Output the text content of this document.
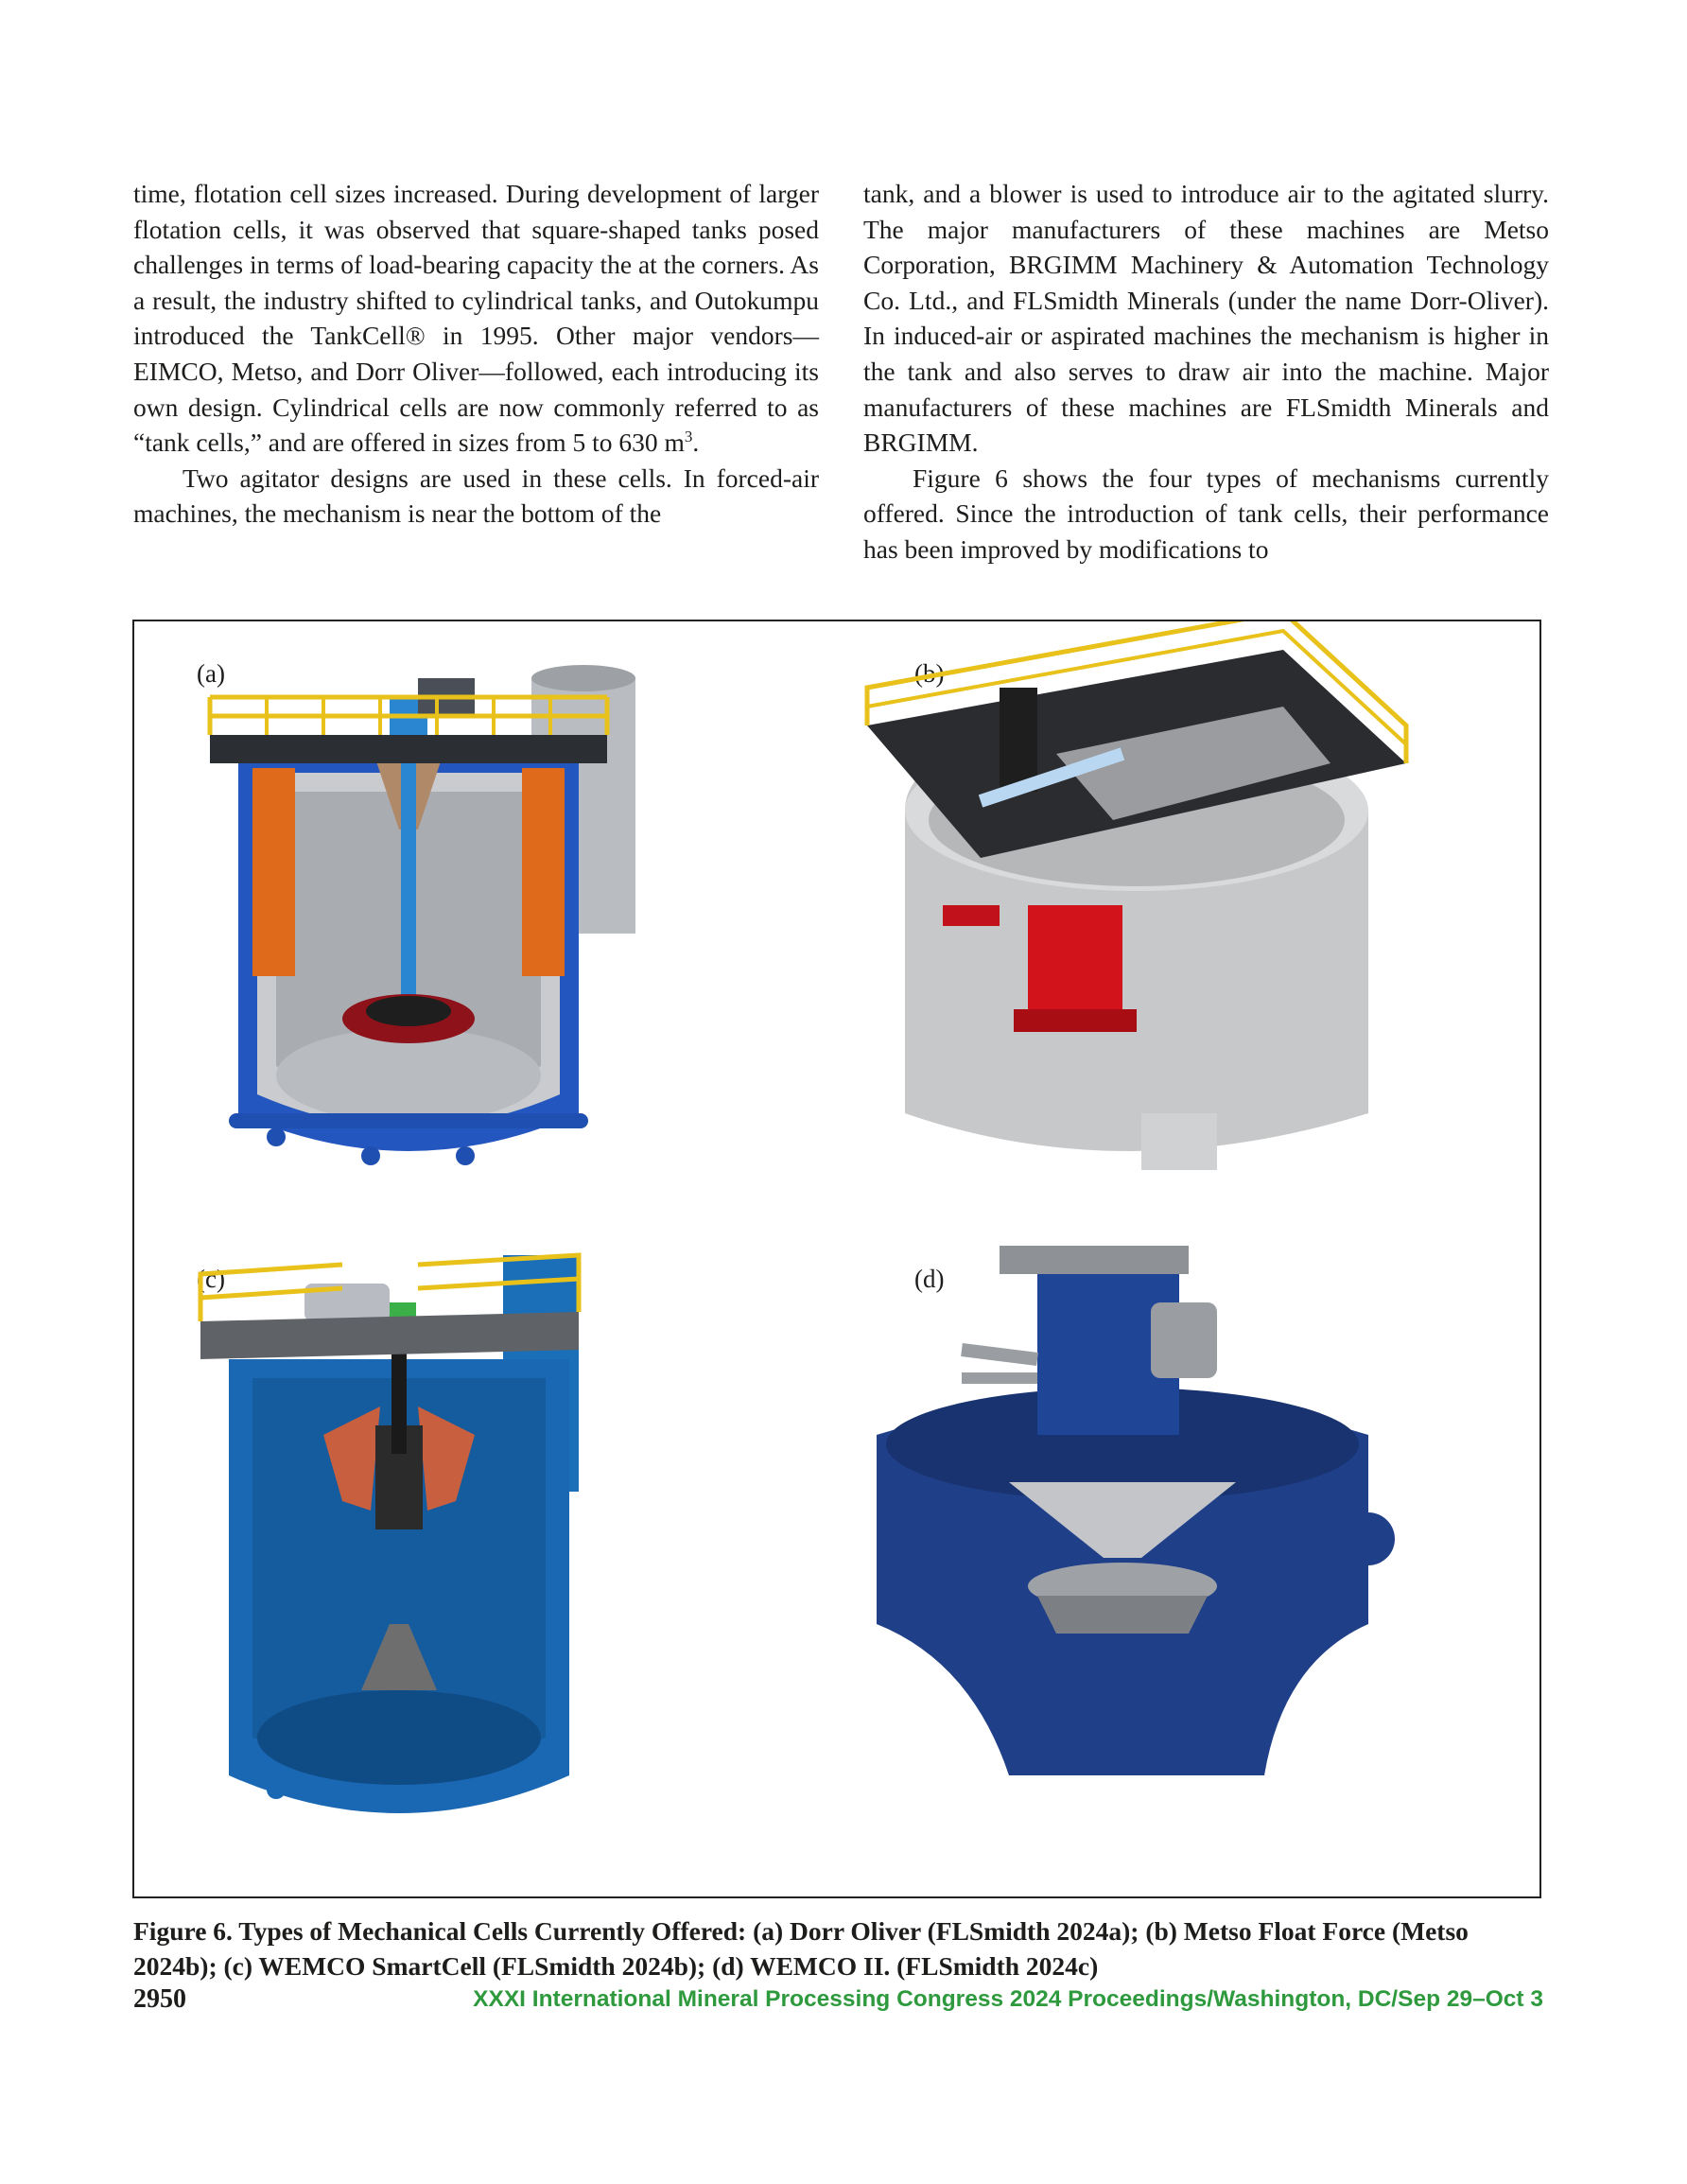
time, flotation cell sizes increased. During development of larger flotation cells, it was observed that square-shaped tanks posed challenges in terms of load-bearing capacity the at the corners. As a result, the industry shifted to cylindrical tanks, and Outokumpu introduced the TankCell® in 1995. Other major vendors—EIMCO, Metso, and Dorr Oliver—followed, each introducing its own design. Cylindrical cells are now commonly referred to as “tank cells,” and are offered in sizes from 5 to 630 $m^3$.

Two agitator designs are used in these cells. In forced-air machines, the mechanism is near the bottom of the

tank, and a blower is used to introduce air to the agitated slurry. The major manufacturers of these machines are Metso Corporation, BRGIMM Machinery & Automation Technology Co. Ltd., and FLSmidth Minerals (under the name Dorr-Oliver). In induced-air or aspirated machines the mechanism is higher in the tank and also serves to draw air into the machine. Major manufacturers of these machines are FLSmidth Minerals and BRGIMM.

Figure 6 shows the four types of mechanisms currently offered. Since the introduction of tank cells, their performance has been improved by modifications to

(a)	(b)
(c)	(d)
Figure 6. Types of Mechanical Cells Currently Offered: (a) Dorr Oliver (FLSmidth 2024a); (b) Metso Float Force (Metso 2024b); (c) WEMCO SmartCell (FLSmidth 2024b); (d) WEMCO II. (FLSmidth 2024c)
2950	XXXI International Mineral Processing Congress 2024 Proceedings/Washington, DC/Sep 29–Oct 3
